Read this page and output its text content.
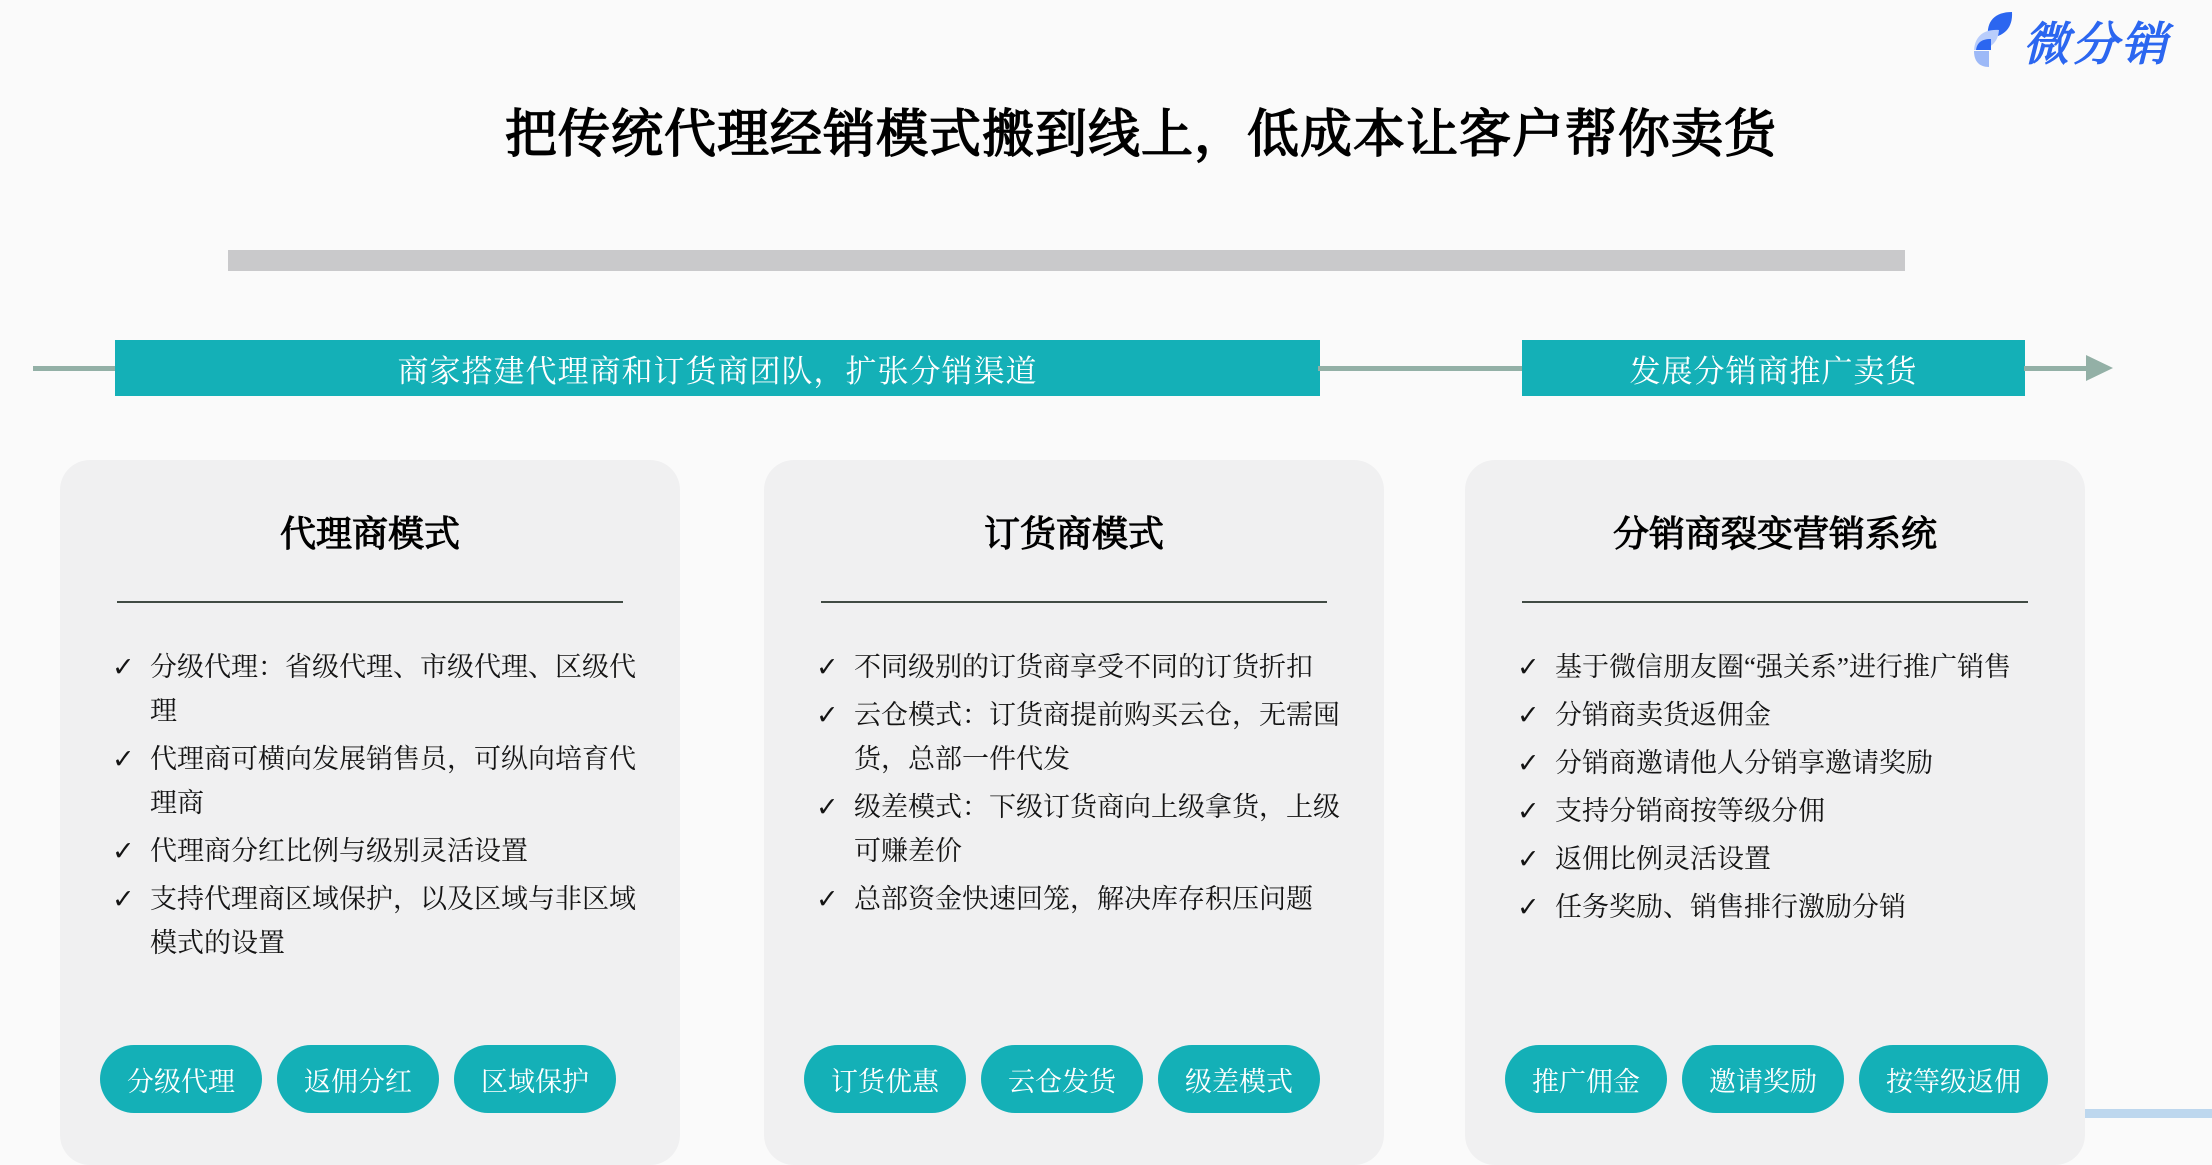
微分销
把传统代理经销模式搬到线上，低成本让客户帮你卖货
商家搭建代理商和订货商团队，扩张分销渠道	发展分销商推广卖货
代理商模式
✓ 分级代理：省级代理、市级代理、区级代理
✓ 代理商可横向发展销售员，可纵向培育代理商
✓ 代理商分红比例与级别灵活设置
✓ 支持代理商区域保护，以及区域与非区域模式的设置
分级代理	返佣分红	区域保护
订货商模式
✓ 不同级别的订货商享受不同的订货折扣
✓ 云仓模式：订货商提前购买云仓，无需囤货，总部一件代发
✓ 级差模式：下级订货商向上级拿货，上级可赚差价
✓ 总部资金快速回笼，解决库存积压问题
订货优惠	云仓发货	级差模式
分销商裂变营销系统
✓ 基于微信朋友圈“强关系”进行推广销售
✓ 分销商卖货返佣金
✓ 分销商邀请他人分销享邀请奖励
✓ 支持分销商按等级分佣
✓ 返佣比例灵活设置
✓ 任务奖励、销售排行激励分销
推广佣金	邀请奖励	按等级返佣
